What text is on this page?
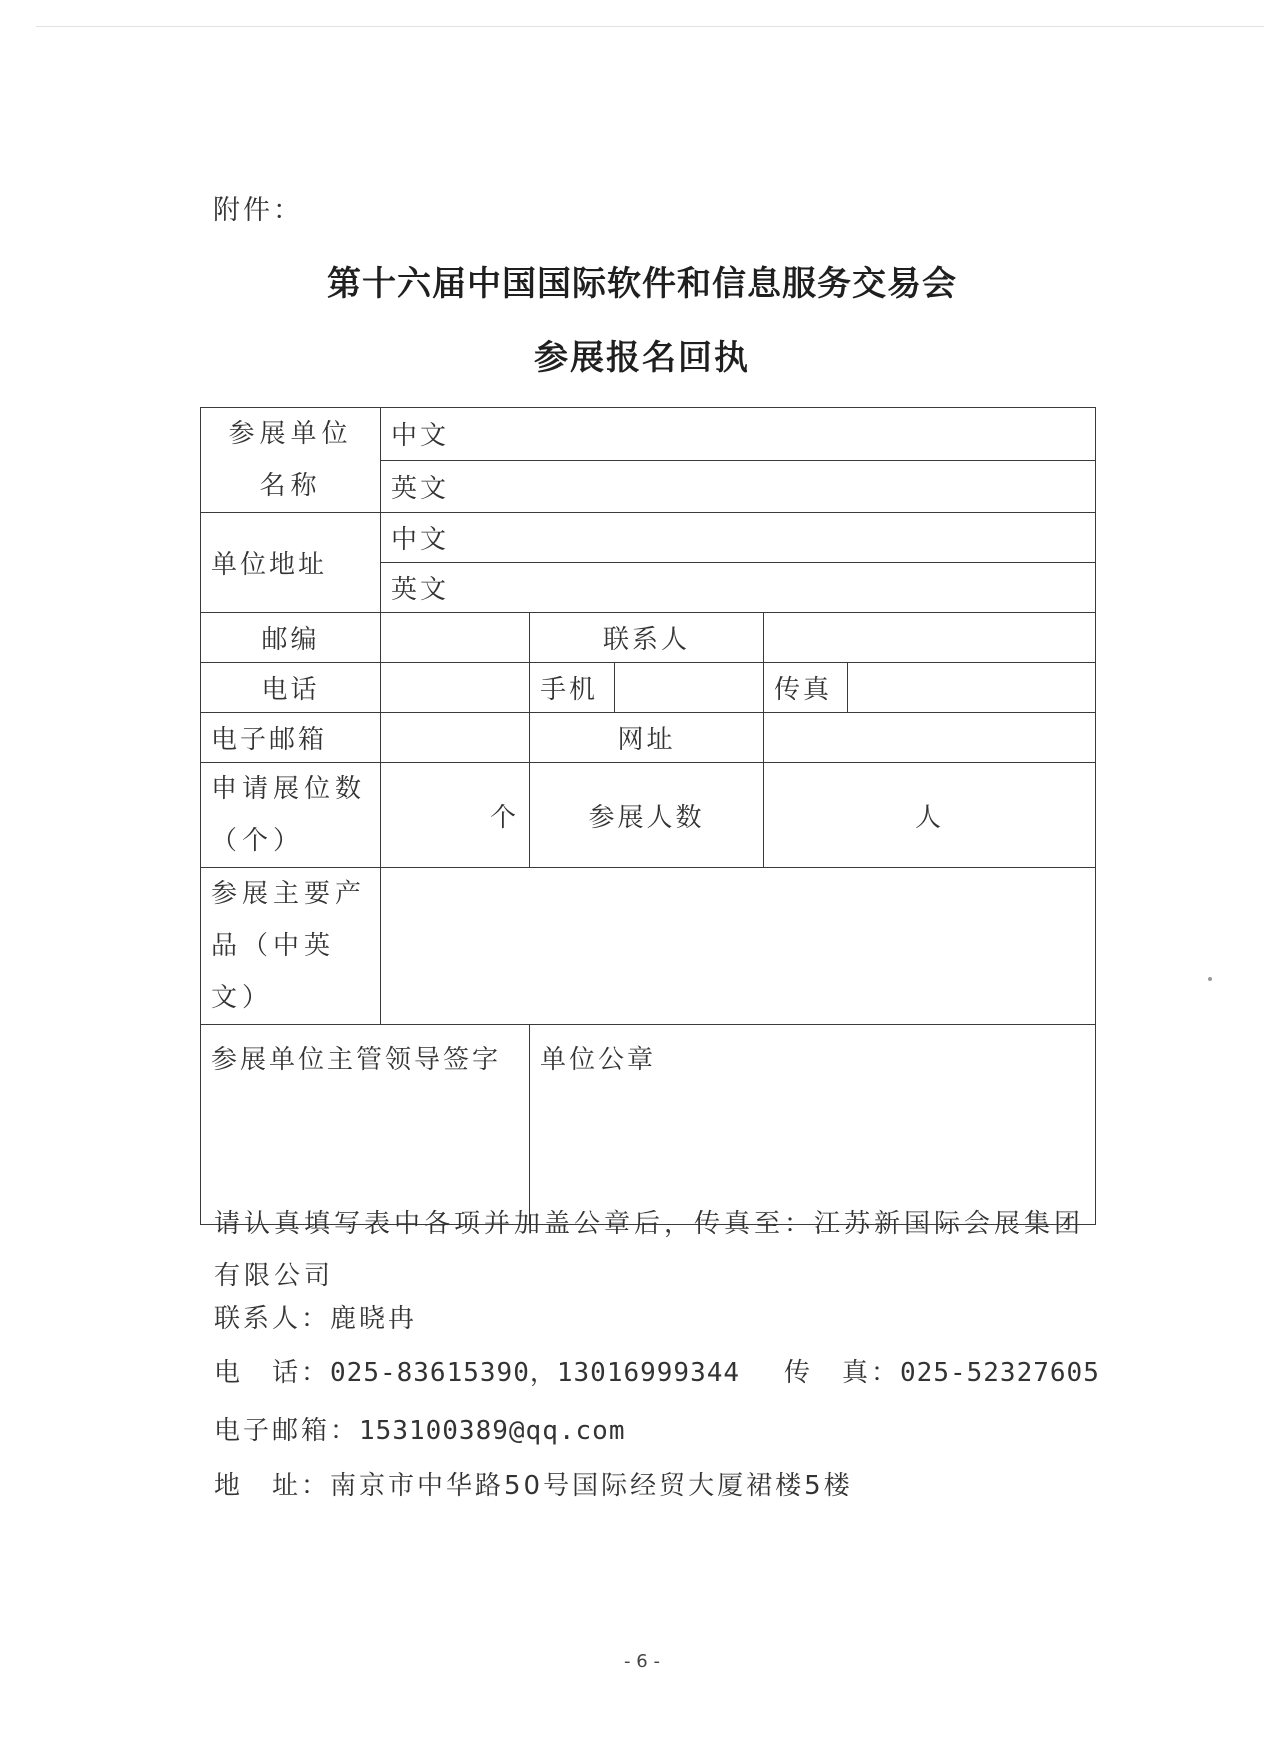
附件：
第十六届中国国际软件和信息服务交易会
参展报名回执
参展单位
名称	中文				
	英文				
单位地址	中文				
	英文				
邮编		联系人			
电话		手机		传真	
电子邮箱		网址			
申请展位数
（个）	个	参展人数		人	
参展主要产
品（中英文）					
参展单位主管领导签字		单位公章			
请认真填写表中各项并加盖公章后，传真至：江苏新国际会展集团有限公司
联系人：鹿晓冉
电　话：025-83615390，13016999344 传　真：025-52327605
电子邮箱：153100389@qq.com
地　址：南京市中华路50号国际经贸大厦裙楼5楼
- 6 -
